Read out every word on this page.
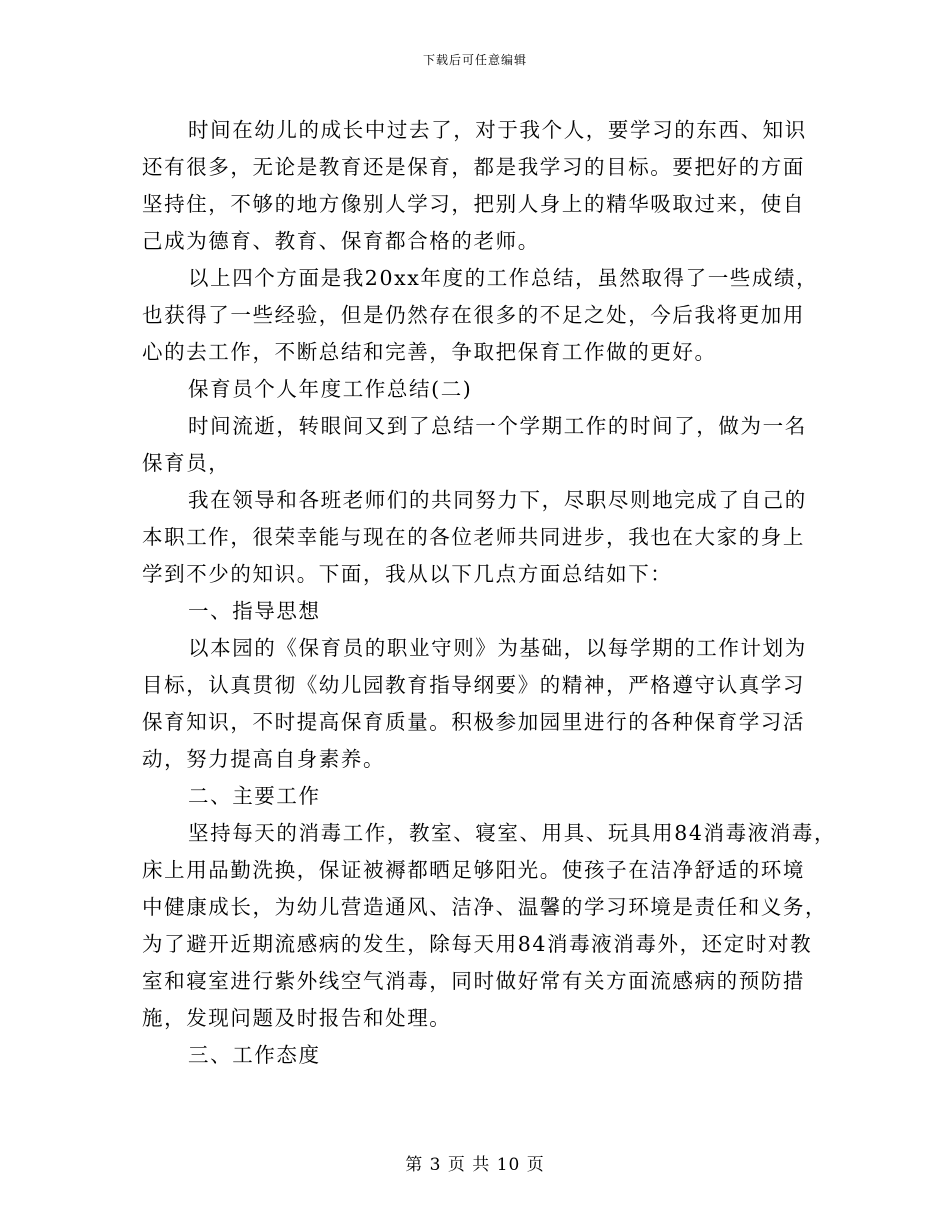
下载后可任意编辑
时间在幼儿的成长中过去了，对于我个人，要学习的东西、知识
还有很多，无论是教育还是保育，都是我学习的目标。要把好的方面
坚持住，不够的地方像别人学习，把别人身上的精华吸取过来，使自
己成为德育、教育、保育都合格的老师。
以上四个方面是我20xx年度的工作总结，虽然取得了一些成绩，
也获得了一些经验，但是仍然存在很多的不足之处，今后我将更加用
心的去工作，不断总结和完善，争取把保育工作做的更好。
保育员个人年度工作总结(二)
时间流逝，转眼间又到了总结一个学期工作的时间了，做为一名
保育员，
我在领导和各班老师们的共同努力下，尽职尽则地完成了自己的
本职工作，很荣幸能与现在的各位老师共同进步，我也在大家的身上
学到不少的知识。下面，我从以下几点方面总结如下：
一、指导思想
以本园的《保育员的职业守则》为基础，以每学期的工作计划为
目标，认真贯彻《幼儿园教育指导纲要》的精神，严格遵守认真学习
保育知识，不时提高保育质量。积极参加园里进行的各种保育学习活
动，努力提高自身素养。
二、主要工作
坚持每天的消毒工作，教室、寝室、用具、玩具用84消毒液消毒，
床上用品勤洗换，保证被褥都晒足够阳光。使孩子在洁净舒适的环境
中健康成长，为幼儿营造通风、洁净、温馨的学习环境是责任和义务，
为了避开近期流感病的发生，除每天用84消毒液消毒外，还定时对教
室和寝室进行紫外线空气消毒，同时做好常有关方面流感病的预防措
施，发现问题及时报告和处理。
三、工作态度
第 3 页 共 10 页
